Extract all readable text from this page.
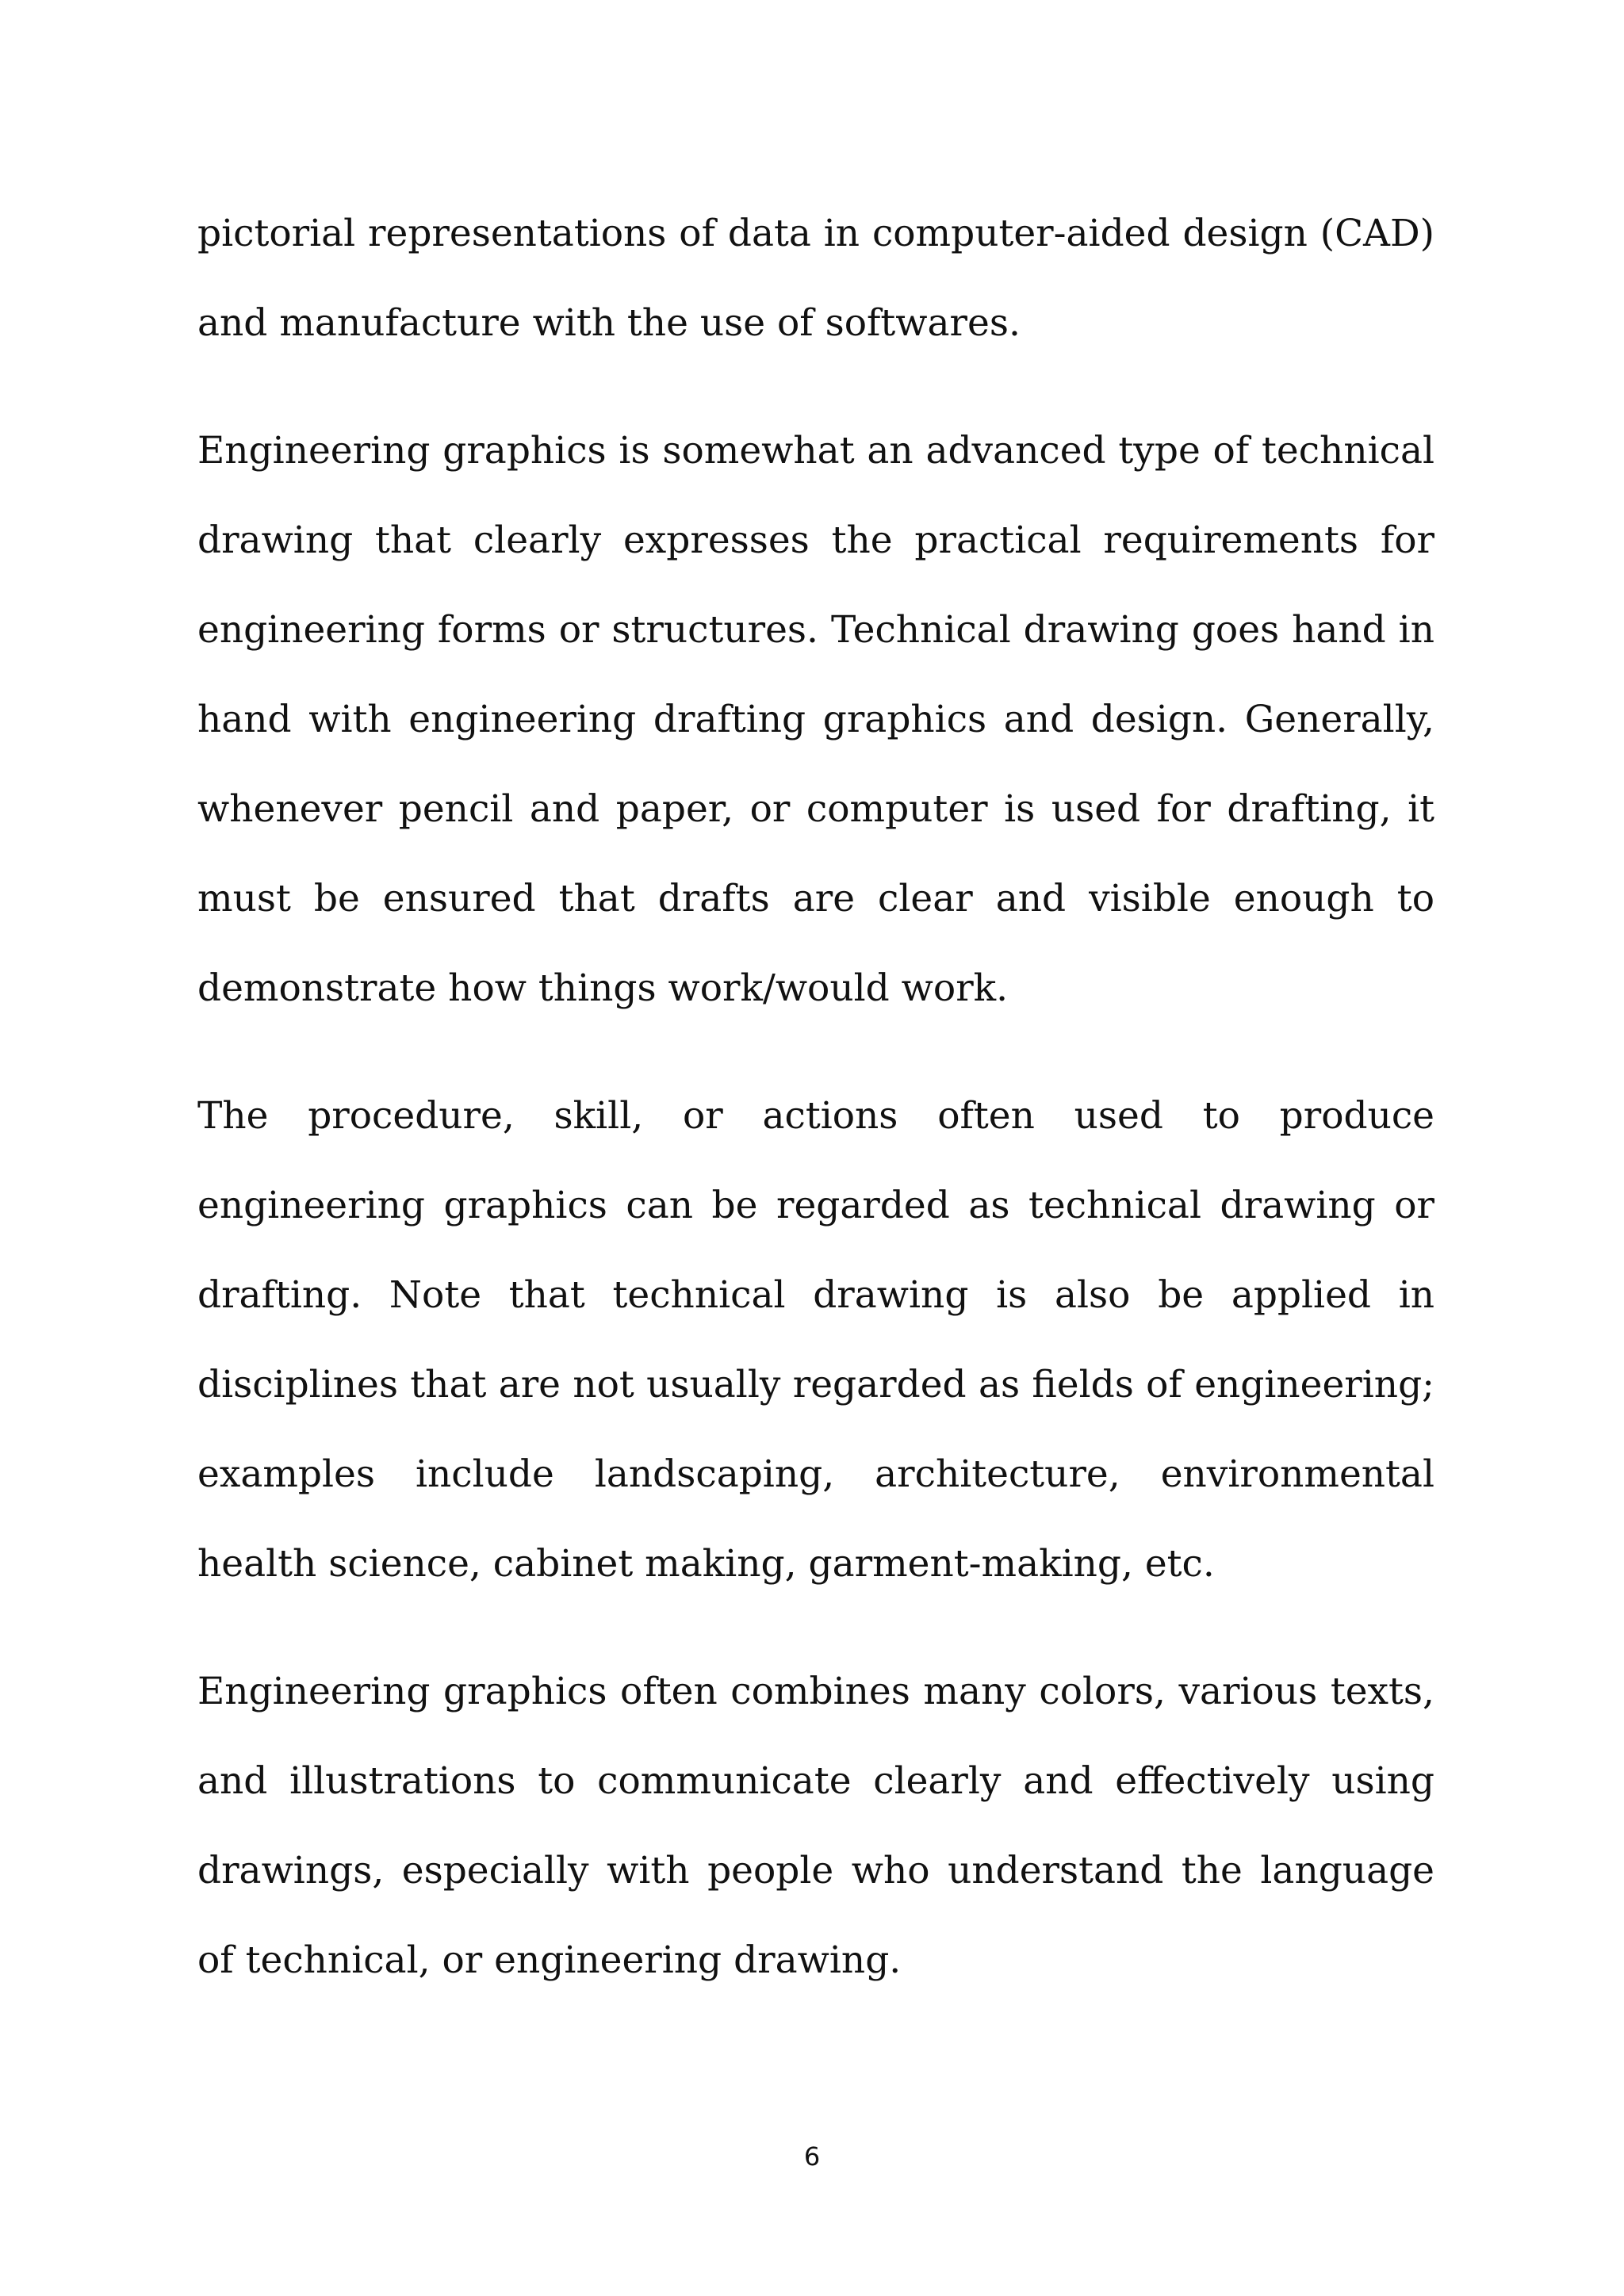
pictorial representations of data in computer-aided design (CAD) and manufacture with the use of softwares.

Engineering graphics is somewhat an advanced type of technical drawing that clearly expresses the practical requirements for engineering forms or structures. Technical drawing goes hand in hand with engineering drafting graphics and design. Generally, whenever pencil and paper, or computer is used for drafting, it must be ensured that drafts are clear and visible enough to demonstrate how things work/would work.

The procedure, skill, or actions often used to produce engineering graphics can be regarded as technical drawing or drafting. Note that technical drawing is also be applied in disciplines that are not usually regarded as fields of engineering; examples include landscaping, architecture, environmental health science, cabinet making, garment-making, etc.

Engineering graphics often combines many colors, various texts, and illustrations to communicate clearly and effectively using drawings, especially with people who understand the language of technical, or engineering drawing.

6
